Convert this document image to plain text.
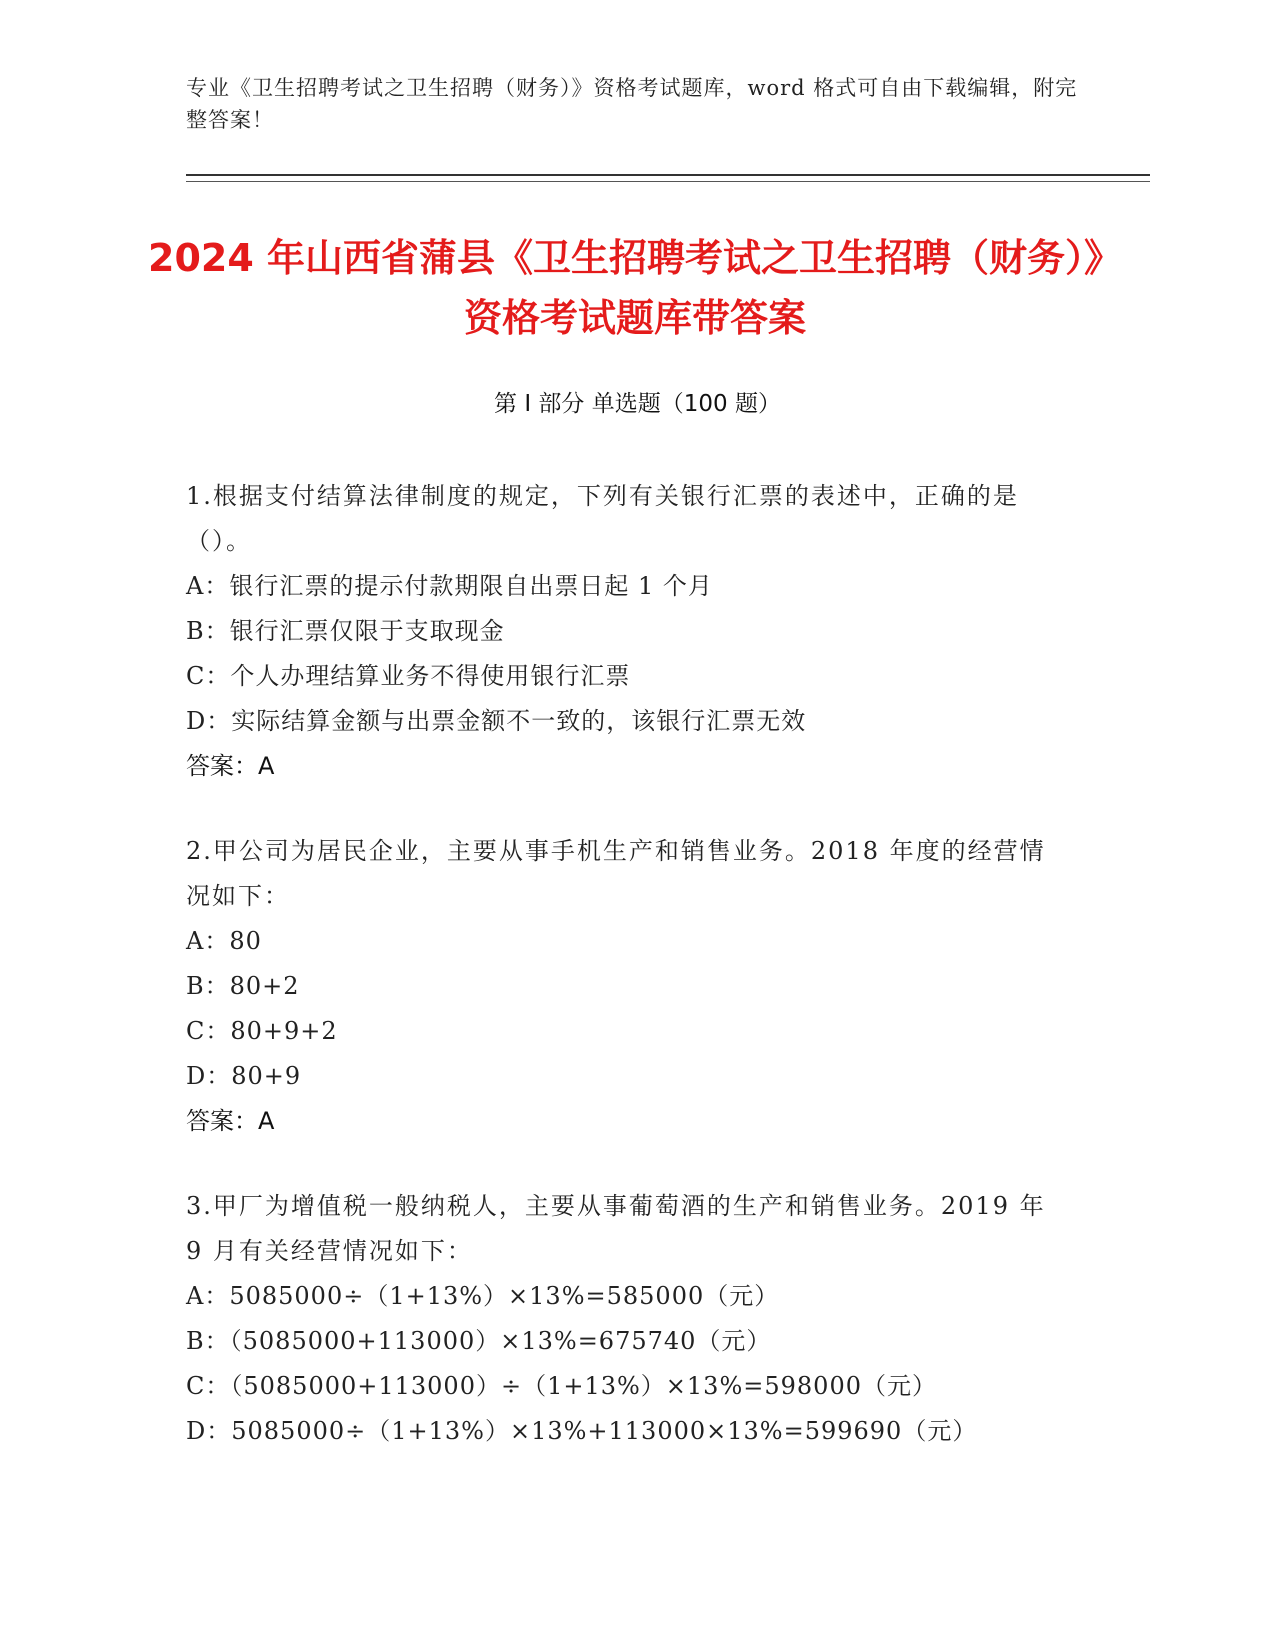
专业《卫生招聘考试之卫生招聘（财务）》资格考试题库，word 格式可自由下载编辑，附完整答案！
2024 年山西省蒲县《卫生招聘考试之卫生招聘（财务）》资格考试题库带答案
第 I 部分 单选题（100 题）
1.根据支付结算法律制度的规定，下列有关银行汇票的表述中，正确的是（）。
A：银行汇票的提示付款期限自出票日起 1 个月
B：银行汇票仅限于支取现金
C：个人办理结算业务不得使用银行汇票
D：实际结算金额与出票金额不一致的，该银行汇票无效
答案：A
2.甲公司为居民企业，主要从事手机生产和销售业务。2018 年度的经营情况如下：
A：80
B：80+2
C：80+9+2
D：80+9
答案：A
3.甲厂为增值税一般纳税人，主要从事葡萄酒的生产和销售业务。2019 年 9 月有关经营情况如下：
A：5085000÷（1+13%）×13%=585000（元）
B：（5085000+113000）×13%=675740（元）
C：（5085000+113000）÷（1+13%）×13%=598000（元）
D：5085000÷（1+13%）×13%+113000×13%=599690（元）
